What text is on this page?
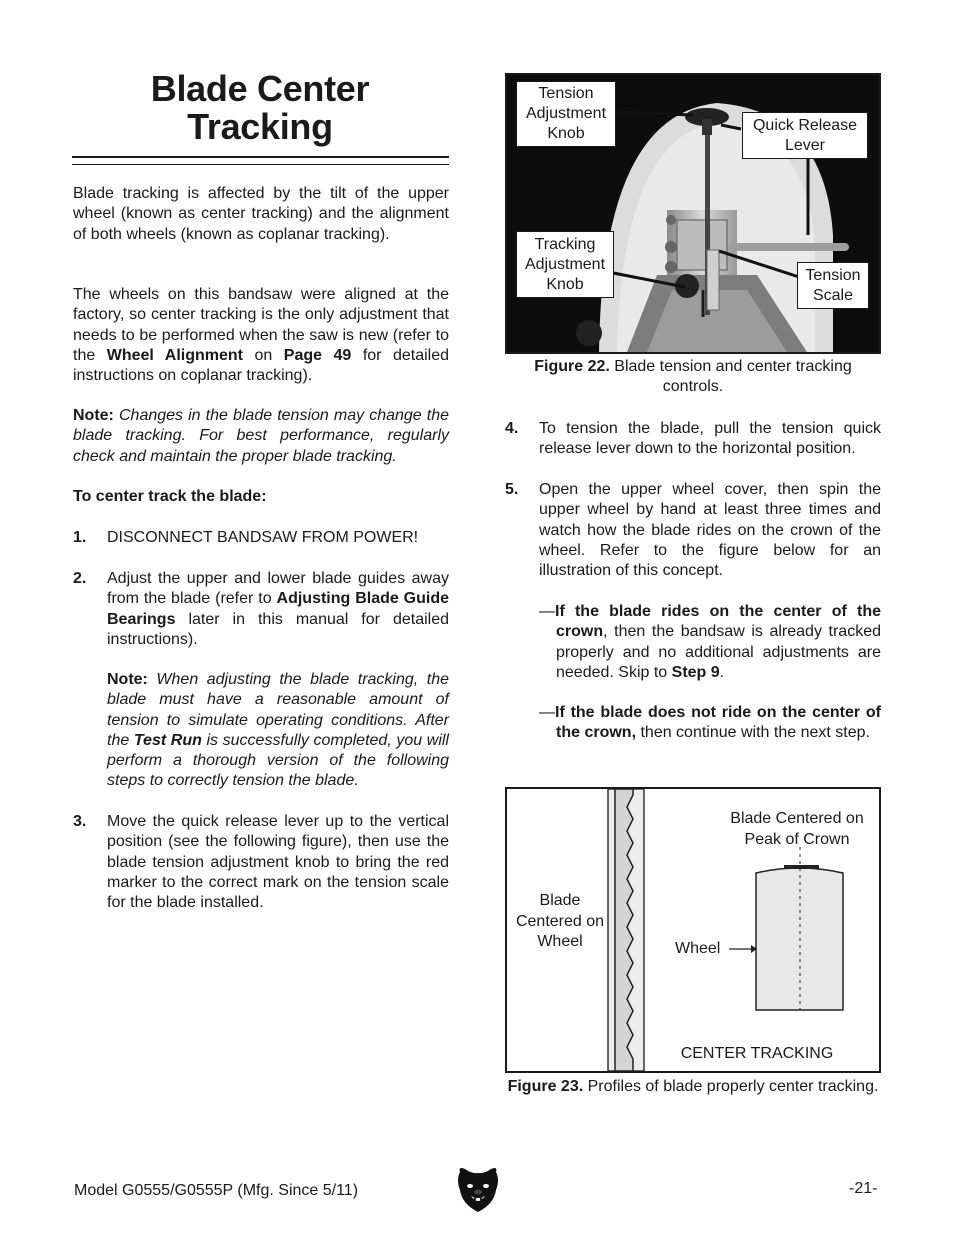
Blade Center
Tracking
Blade tracking is affected by the tilt of the upper wheel (known as center tracking) and the alignment of both wheels (known as coplanar tracking).
The wheels on this bandsaw were aligned at the factory, so center tracking is the only adjustment that needs to be performed when the saw is new (refer to the Wheel Alignment on Page 49 for detailed instructions on coplanar tracking).
Note: Changes in the blade tension may change the blade tracking. For best performance, regularly check and maintain the proper blade tracking.
To center track the blade:
1. DISCONNECT BANDSAW FROM POWER!
2. Adjust the upper and lower blade guides away from the blade (refer to Adjusting Blade Guide Bearings later in this manual for detailed instructions).
Note: When adjusting the blade tracking, the blade must have a reasonable amount of tension to simulate operating conditions. After the Test Run is successfully completed, you will perform a thorough version of the following steps to correctly tension the blade.
3. Move the quick release lever up to the vertical position (see the following figure), then use the blade tension adjustment knob to bring the red marker to the correct mark on the tension scale for the blade installed.
Tension Adjustment Knob	Quick Release Lever
Tracking Adjustment Knob
Tension Scale
Figure 22. Blade tension and center tracking controls.
4. To tension the blade, pull the tension quick release lever down to the horizontal position.
5. Open the upper wheel cover, then spin the upper wheel by hand at least three times and watch how the blade rides on the crown of the wheel. Refer to the figure below for an illustration of this concept.
—If the blade rides on the center of the crown, then the bandsaw is already tracked properly and no additional adjustments are needed. Skip to Step 9.
—If the blade does not ride on the center of the crown, then continue with the next step.
Blade Centered on Peak of Crown
Blade Centered on Wheel	Wheel
CENTER TRACKING
Figure 23. Profiles of blade properly center tracking.
Model G0555/G0555P (Mfg. Since 5/11)	-21-
